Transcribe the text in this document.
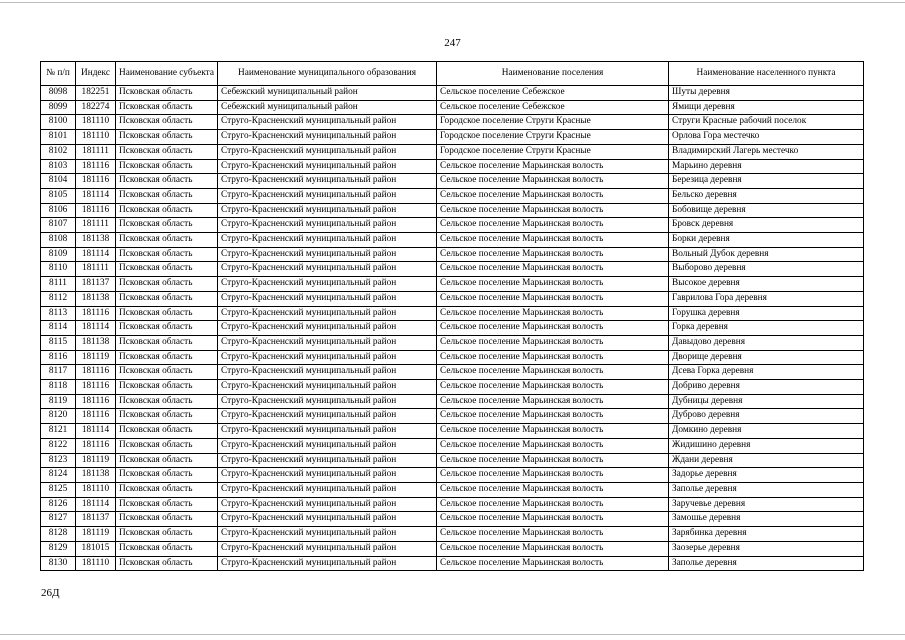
247
№ п/п	Индекс	Наименование субъекта	Наименование муниципального образования	Наименование поселения	Наименование населенного пункта
8098	182251	Псковская область	Себежский муниципальный район	Сельское поселение Себежское	Шуты деревня
8099	182274	Псковская область	Себежский муниципальный район	Сельское поселение Себежское	Ямищи деревня
8100	181110	Псковская область	Струго-Красненский муниципальный район	Городское поселение Струги Красные	Струги Красные рабочий поселок
8101	181110	Псковская область	Струго-Красненский муниципальный район	Городское поселение Струги Красные	Орлова Гора местечко
8102	181111	Псковская область	Струго-Красненский муниципальный район	Городское поселение Струги Красные	Владимирский Лагерь местечко
8103	181116	Псковская область	Струго-Красненский муниципальный район	Сельское поселение Марьинская волость	Марьино деревня
8104	181116	Псковская область	Струго-Красненский муниципальный район	Сельское поселение Марьинская волость	Березица деревня
8105	181114	Псковская область	Струго-Красненский муниципальный район	Сельское поселение Марьинская волость	Бельско деревня
8106	181116	Псковская область	Струго-Красненский муниципальный район	Сельское поселение Марьинская волость	Бобовище деревня
8107	181111	Псковская область	Струго-Красненский муниципальный район	Сельское поселение Марьинская волость	Бровск деревня
8108	181138	Псковская область	Струго-Красненский муниципальный район	Сельское поселение Марьинская волость	Борки деревня
8109	181114	Псковская область	Струго-Красненский муниципальный район	Сельское поселение Марьинская волость	Вольный Дубок деревня
8110	181111	Псковская область	Струго-Красненский муниципальный район	Сельское поселение Марьинская волость	Выборово деревня
8111	181137	Псковская область	Струго-Красненский муниципальный район	Сельское поселение Марьинская волость	Высокое деревня
8112	181138	Псковская область	Струго-Красненский муниципальный район	Сельское поселение Марьинская волость	Гаврилова Гора деревня
8113	181116	Псковская область	Струго-Красненский муниципальный район	Сельское поселение Марьинская волость	Горушка деревня
8114	181114	Псковская область	Струго-Красненский муниципальный район	Сельское поселение Марьинская волость	Горка деревня
8115	181138	Псковская область	Струго-Красненский муниципальный район	Сельское поселение Марьинская волость	Давыдово деревня
8116	181119	Псковская область	Струго-Красненский муниципальный район	Сельское поселение Марьинская волость	Дворище деревня
8117	181116	Псковская область	Струго-Красненский муниципальный район	Сельское поселение Марьинская волость	Дсева Горка деревня
8118	181116	Псковская область	Струго-Красненский муниципальный район	Сельское поселение Марьинская волость	Добриво деревня
8119	181116	Псковская область	Струго-Красненский муниципальный район	Сельское поселение Марьинская волость	Дубницы деревня
8120	181116	Псковская область	Струго-Красненский муниципальный район	Сельское поселение Марьинская волость	Дуброво деревня
8121	181114	Псковская область	Струго-Красненский муниципальный район	Сельское поселение Марьинская волость	Домкино деревня
8122	181116	Псковская область	Струго-Красненский муниципальный район	Сельское поселение Марьинская волость	Жидишино деревня
8123	181119	Псковская область	Струго-Красненский муниципальный район	Сельское поселение Марьинская волость	Ждани деревня
8124	181138	Псковская область	Струго-Красненский муниципальный район	Сельское поселение Марьинская волость	Задорье деревня
8125	181110	Псковская область	Струго-Красненский муниципальный район	Сельское поселение Марьинская волость	Заполье деревня
8126	181114	Псковская область	Струго-Красненский муниципальный район	Сельское поселение Марьинская волость	Заручевье деревня
8127	181137	Псковская область	Струго-Красненский муниципальный район	Сельское поселение Марьинская волость	Замошье деревня
8128	181119	Псковская область	Струго-Красненский муниципальный район	Сельское поселение Марьинская волость	Зарябинка деревня
8129	181015	Псковская область	Струго-Красненский муниципальный район	Сельское поселение Марьинская волость	Заозерье деревня
8130	181110	Псковская область	Струго-Красненский муниципальный район	Сельское поселение Марьинская волость	Заполье деревня
26Д
